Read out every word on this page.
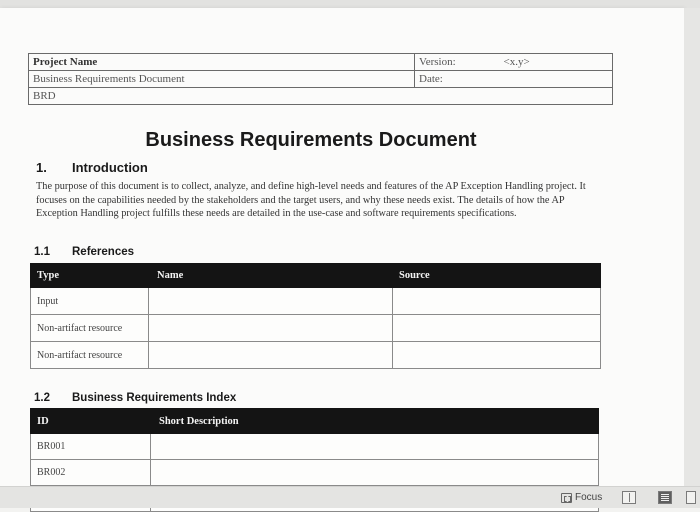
Project Name	Version: <x.y>

Business Requirements Document	Date:
BRD	
Business Requirements Document
1. Introduction

The purpose of this document is to collect, analyze, and define high-level needs and features of the AP Exception Handling project. It focuses on the capabilities needed by the stakeholders and the target users, and why these needs exist. The details of how the AP Exception Handling project fulfills these needs are detailed in the use-case and software requirements specifications.

1.1 References
Type	Name	Source
Input		
Non-artifact resource		
Non-artifact resource		
1.2 Business Requirements Index
ID	Short Description
BR001	
BR002	

Focus
